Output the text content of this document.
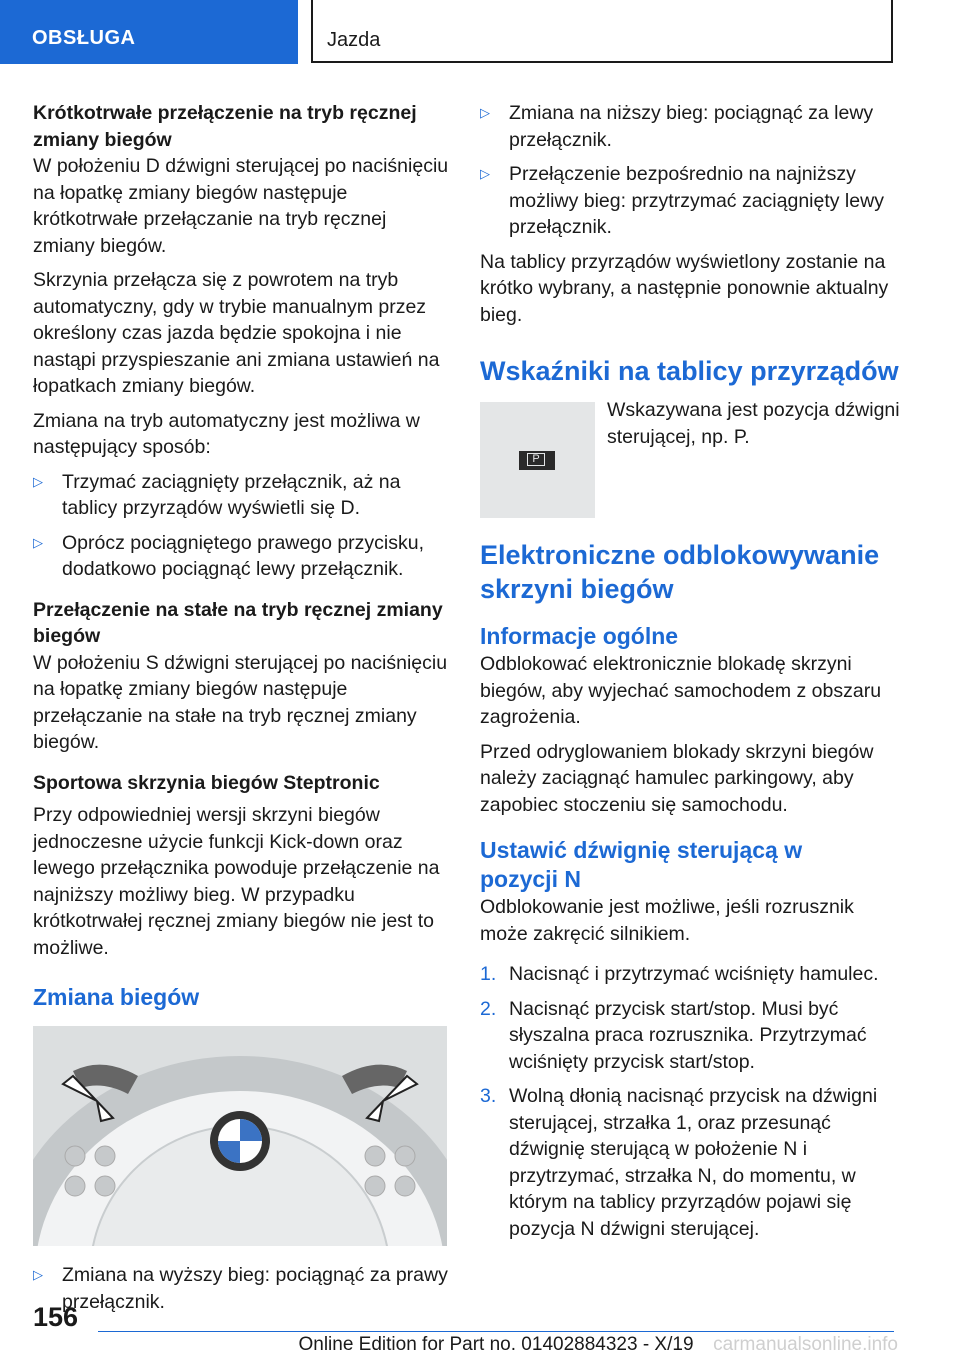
OBSŁUGA	Jazda
Krótkotrwałe przełączenie na tryb ręcznej zmiany biegów

W położeniu D dźwigni sterującej po naciśnięciu na łopatkę zmiany biegów następuje krótkotrwałe przełączanie na tryb ręcznej zmiany biegów.

Skrzynia przełącza się z powrotem na tryb automatyczny, gdy w trybie manualnym przez określony czas jazda będzie spokojna i nie nastąpi przyspieszanie ani zmiana ustawień na łopatkach zmiany biegów.

Zmiana na tryb automatyczny jest możliwa w następujący sposób:

▷ Trzymać zaciągnięty przełącznik, aż na tablicy przyrządów wyświetli się D.
▷ Oprócz pociągniętego prawego przycisku, dodatkowo pociągnąć lewy przełącznik.
Przełączenie na stałe na tryb ręcznej zmiany biegów

W położeniu S dźwigni sterującej po naciśnięciu na łopatkę zmiany biegów następuje przełączanie na stałe na tryb ręcznej zmiany biegów.

Sportowa skrzynia biegów Steptronic

Przy odpowiedniej wersji skrzyni biegów jednoczesne użycie funkcji Kick-down oraz lewego przełącznika powoduje przełączenie na najniższy możliwy bieg. W przypadku krótkotrwałej ręcznej zmiany biegów nie jest to możliwe.

Zmiana biegów
▷ Zmiana na wyższy bieg: pociągnąć za prawy przełącznik.
▷ Zmiana na niższy bieg: pociągnąć za lewy przełącznik.
▷ Przełączenie bezpośrednio na najniższy możliwy bieg: przytrzymać zaciągnięty lewy przełącznik.

Na tablicy przyrządów wyświetlony zostanie na krótko wybrany, a następnie ponownie aktualny bieg.

Wskaźniki na tablicy przyrządów
P
Wskazywana jest pozycja dźwigni sterującej, np. P.
Elektroniczne odblokowywanie skrzyni biegów
Informacje ogólne

Odblokować elektronicznie blokadę skrzyni biegów, aby wyjechać samochodem z obszaru zagrożenia.

Przed odryglowaniem blokady skrzyni biegów należy zaciągnąć hamulec parkingowy, aby zapobiec stoczeniu się samochodu.

Ustawić dźwignię sterującą w pozycji N

Odblokowanie jest możliwe, jeśli rozrusznik może zakręcić silnikiem.

1. Nacisnąć i przytrzymać wciśnięty hamulec.
2. Nacisnąć przycisk start/stop. Musi być słyszalna praca rozrusznika. Przytrzymać wciśnięty przycisk start/stop.
3. Wolną dłonią nacisnąć przycisk na dźwigni sterującej, strzałka 1, oraz przesunąć dźwignię sterującą w położenie N i przytrzymać, strzałka N, do momentu, w którym na tablicy przyrządów pojawi się pozycja N dźwigni sterującej.
156
Online Edition for Part no. 01402884323 - X/19	carmanualsonline.info
